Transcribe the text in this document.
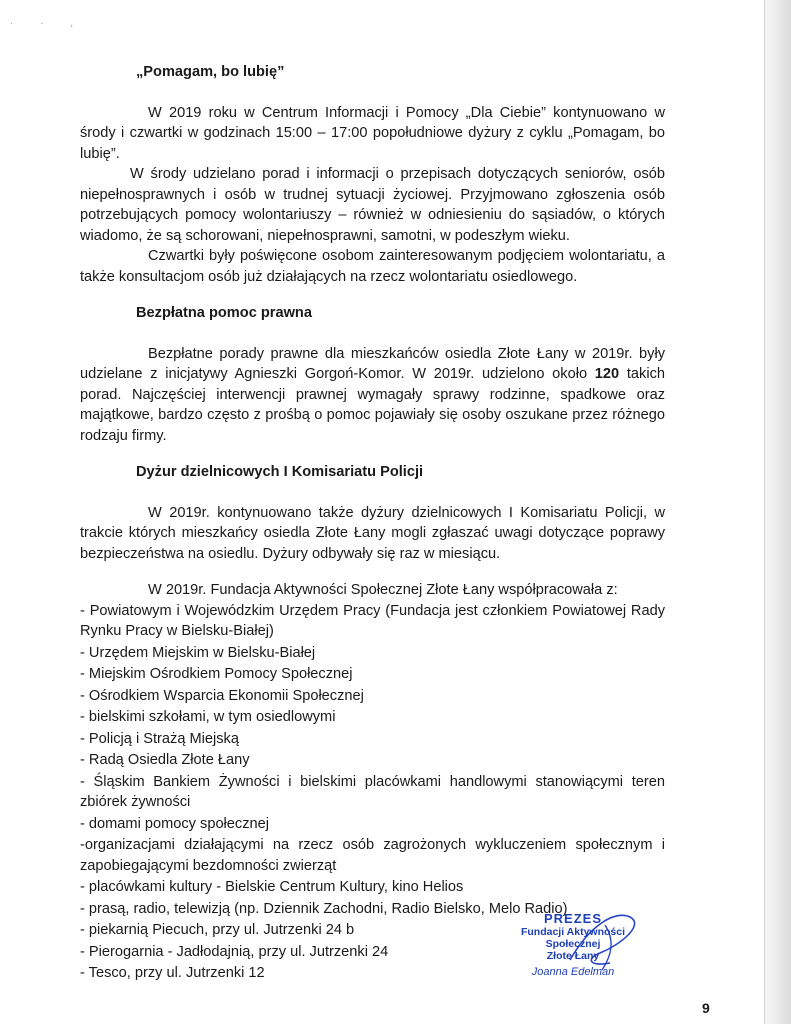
· · ,
„Pomagam, bo lubię”

W 2019 roku w Centrum Informacji i Pomocy „Dla Ciebie” kontynuowano w środy i czwartki w godzinach 15:00 – 17:00 popołudniowe dyżury z cyklu „Pomagam, bo lubię”.

W środy udzielano porad i informacji o przepisach dotyczących seniorów, osób niepełnosprawnych i osób w trudnej sytuacji życiowej. Przyjmowano zgłoszenia osób potrzebujących pomocy wolontariuszy – również w odniesieniu do sąsiadów, o których wiadomo, że są schorowani, niepełnosprawni, samotni, w podeszłym wieku.

Czwartki były poświęcone osobom zainteresowanym podjęciem wolontariatu, a także konsultacjom osób już działających na rzecz wolontariatu osiedlowego.

Bezpłatna pomoc prawna

Bezpłatne porady prawne dla mieszkańców osiedla Złote Łany w 2019r. były udzielane z inicjatywy Agnieszki Gorgoń-Komor. W 2019r. udzielono około 120 takich porad. Najczęściej interwencji prawnej wymagały sprawy rodzinne, spadkowe oraz majątkowe, bardzo często z prośbą o pomoc pojawiały się osoby oszukane przez różnego rodzaju firmy.

Dyżur dzielnicowych I Komisariatu Policji

W 2019r. kontynuowano także dyżury dzielnicowych I Komisariatu Policji, w trakcie których mieszkańcy osiedla Złote Łany mogli zgłaszać uwagi dotyczące poprawy bezpieczeństwa na osiedlu. Dyżury odbywały się raz w miesiącu.

W 2019r. Fundacja Aktywności Społecznej Złote Łany współpracowała z:

- Powiatowym i Wojewódzkim Urzędem Pracy (Fundacja jest członkiem Powiatowej Rady Rynku Pracy w Bielsku-Białej)
- Urzędem Miejskim w Bielsku-Białej
- Miejskim Ośrodkiem Pomocy Społecznej
- Ośrodkiem Wsparcia Ekonomii Społecznej
- bielskimi szkołami, w tym osiedlowymi
- Policją i Strażą Miejską
- Radą Osiedla Złote Łany
- Śląskim Bankiem Żywności i bielskimi placówkami handlowymi stanowiącymi teren zbiórek żywności
- domami pomocy społecznej
-organizacjami działającymi na rzecz osób zagrożonych wykluczeniem społecznym i zapobiegającymi bezdomności zwierząt
- placówkami kultury - Bielskie Centrum Kultury, kino Helios
- prasą, radio, telewizją (np. Dziennik Zachodni, Radio Bielsko, Melo Radio)
- piekarnią Piecuch, przy ul. Jutrzenki 24 b
- Pierogarnia - Jadłodajnią, przy ul. Jutrzenki 24
- Tesco, przy ul. Jutrzenki 12
PREZES
Fundacji Aktywności Społecznej
Złote Łany
Joanna Edelman
9
